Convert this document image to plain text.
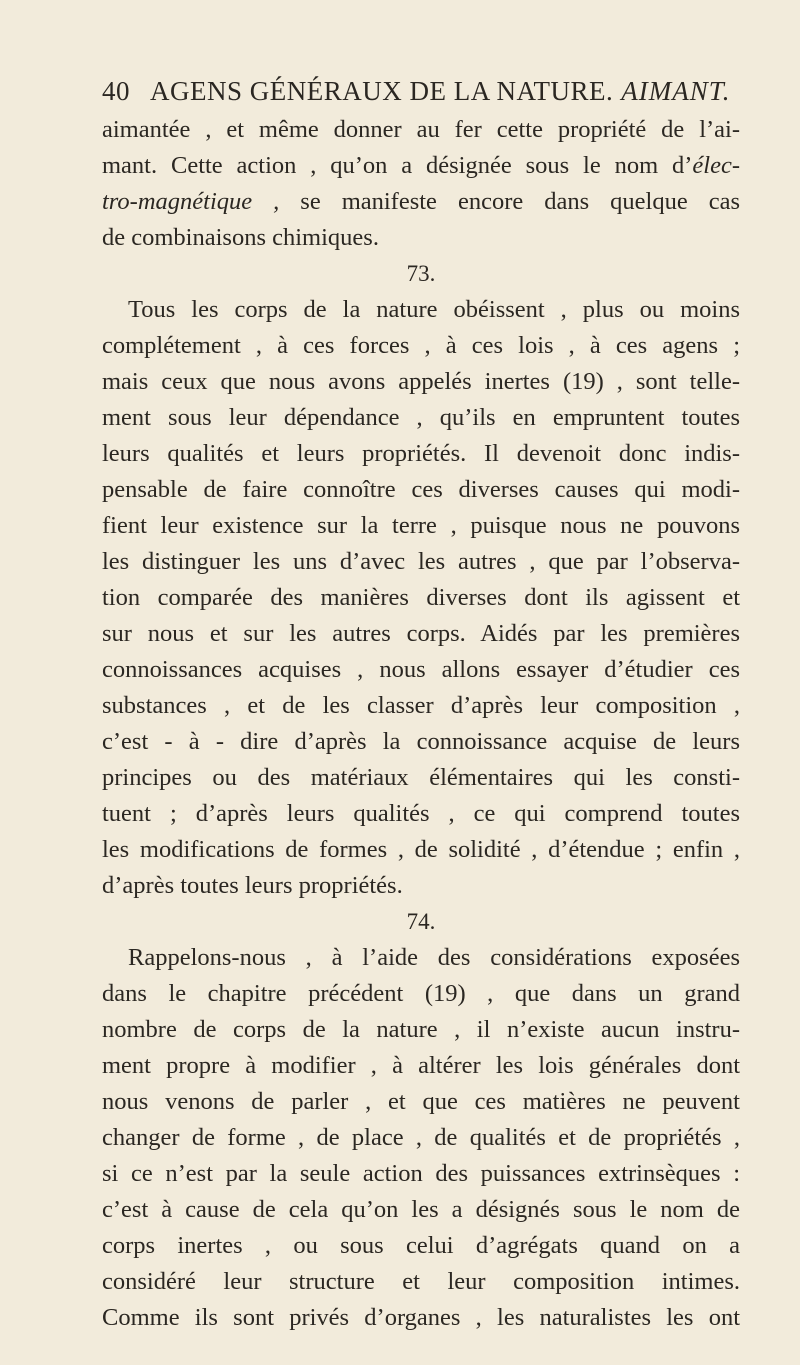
40 AGENS GÉNÉRAUX DE LA NATURE. AIMANT.
aimantée , et même donner au fer cette propriété de l’ai-
mant. Cette action , qu’on a désignée sous le nom d’élec-
tro-magnétique , se manifeste encore dans quelque cas
de combinaisons chimiques.
73.
Tous les corps de la nature obéissent , plus ou moins
complétement , à ces forces , à ces lois , à ces agens ;
mais ceux que nous avons appelés inertes (19) , sont telle-
ment sous leur dépendance , qu’ils en empruntent toutes
leurs qualités et leurs propriétés. Il devenoit donc indis-
pensable de faire connoître ces diverses causes qui modi-
fient leur existence sur la terre , puisque nous ne pouvons
les distinguer les uns d’avec les autres , que par l’observa-
tion comparée des manières diverses dont ils agissent et
sur nous et sur les autres corps. Aidés par les premières
connoissances acquises , nous allons essayer d’étudier ces
substances , et de les classer d’après leur composition ,
c’est - à - dire d’après la connoissance acquise de leurs
principes ou des matériaux élémentaires qui les consti-
tuent ; d’après leurs qualités , ce qui comprend toutes
les modifications de formes , de solidité , d’étendue ; enfin ,
d’après toutes leurs propriétés.
74.
Rappelons-nous , à l’aide des considérations exposées
dans le chapitre précédent (19) , que dans un grand
nombre de corps de la nature , il n’existe aucun instru-
ment propre à modifier , à altérer les lois générales dont
nous venons de parler , et que ces matières ne peuvent
changer de forme , de place , de qualités et de propriétés ,
si ce n’est par la seule action des puissances extrinsèques :
c’est à cause de cela qu’on les a désignés sous le nom de
corps inertes , ou sous celui d’agrégats quand on a
considéré leur structure et leur composition intimes.
Comme ils sont privés d’organes , les naturalistes les ont
